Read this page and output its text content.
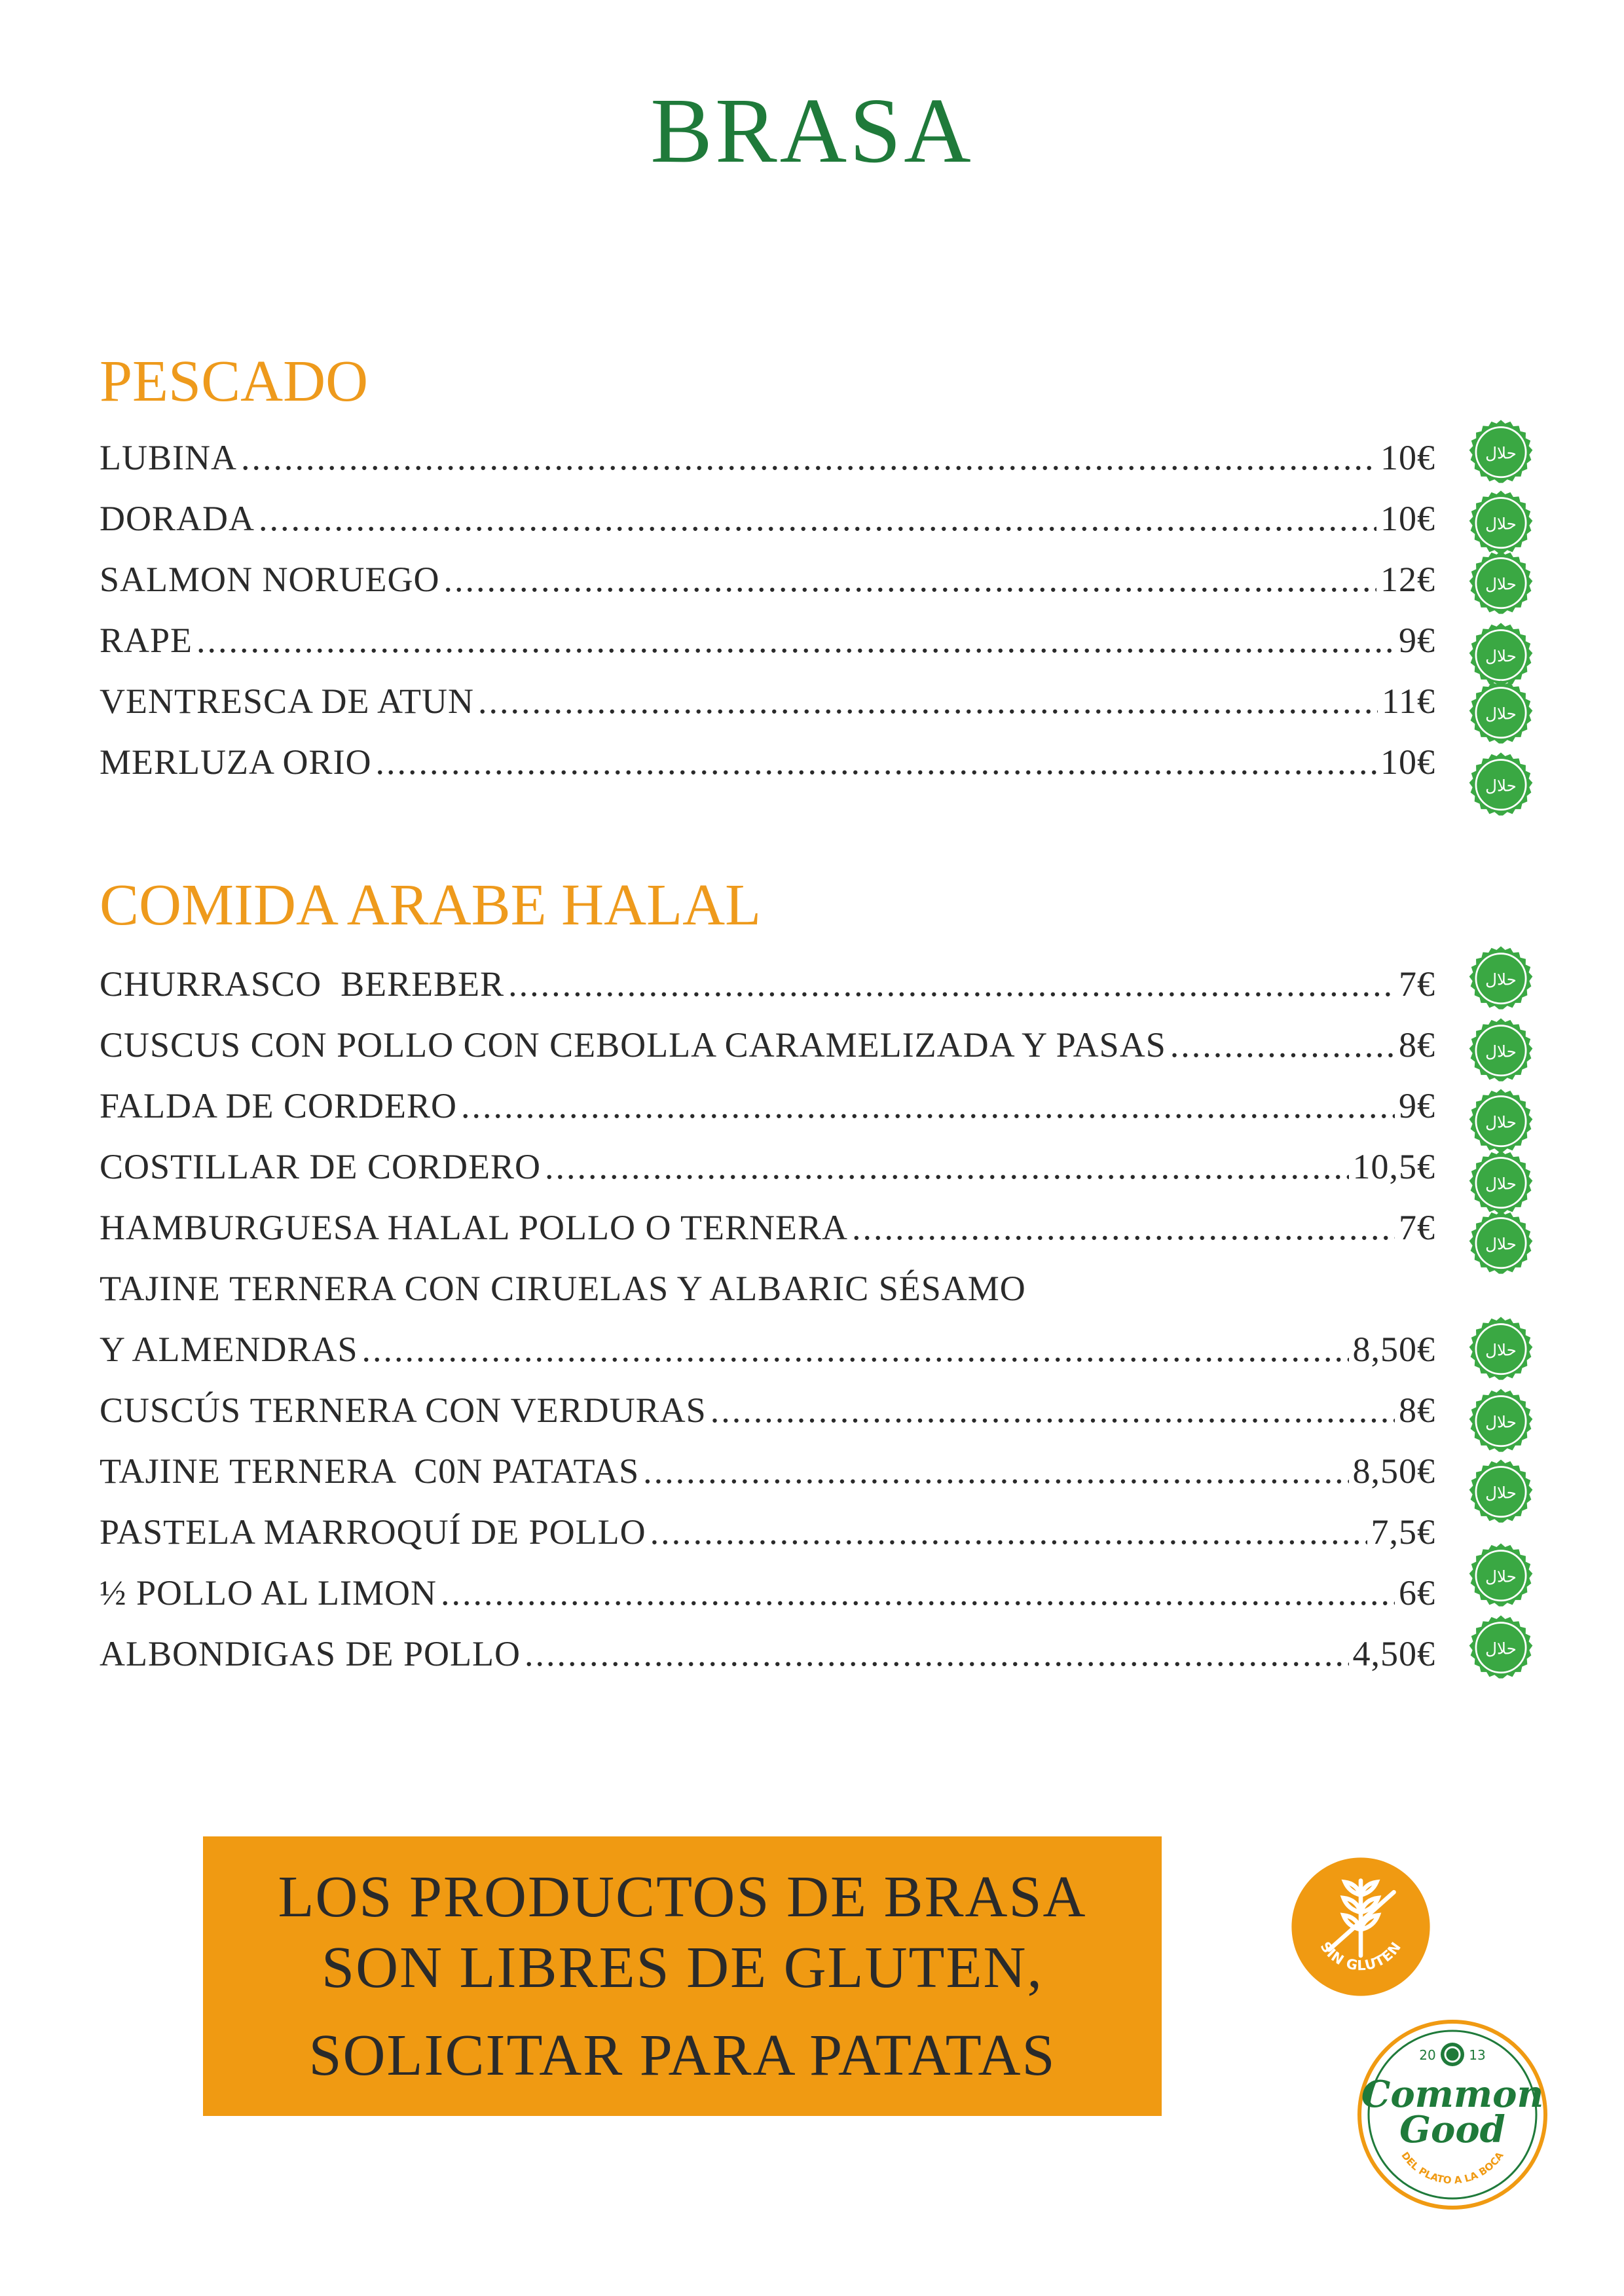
BRASA
PESCADO
LUBINA .....	10€
DORADA .....	10€
SALMON NORUEGO .....	12€
RAPE .....	9€
VENTRESCA DE ATUN .....	11€
MERLUZA ORIO .....	10€
COMIDA ARABE HALAL
CHURRASCO  BEREBER .....	7€
CUSCUS CON POLLO CON CEBOLLA CARAMELIZADA Y PASAS .....	8€
FALDA DE CORDERO .....	9€
COSTILLAR DE CORDERO .....	10,5€
HAMBURGUESA HALAL POLLO O TERNERA .....	7€
TAJINE TERNERA CON CIRUELAS Y ALBARIC SÉSAMO
Y ALMENDRAS .....	8,50€
CUSCÚS TERNERA CON VERDURAS .....	8€
TAJINE TERNERA  C0N PATATAS .....	8,50€
PASTELA MARROQUÍ DE POLLO .....	7,5€
½ POLLO AL LIMON .....	6€
ALBONDIGAS DE POLLO .....	4,50€
حلال
حلال
حلال
حلال
حلال
حلال
حلال
حلال
حلال
حلال
حلال
حلال
حلال
حلال
حلال
حلال
LOS PRODUCTOS DE BRASA
SON LIBRES DE GLUTEN,
SOLICITAR PARA PATATAS
SIN GLUTEN
20	13
Common
Good
DEL PLATO A LA BOCA
